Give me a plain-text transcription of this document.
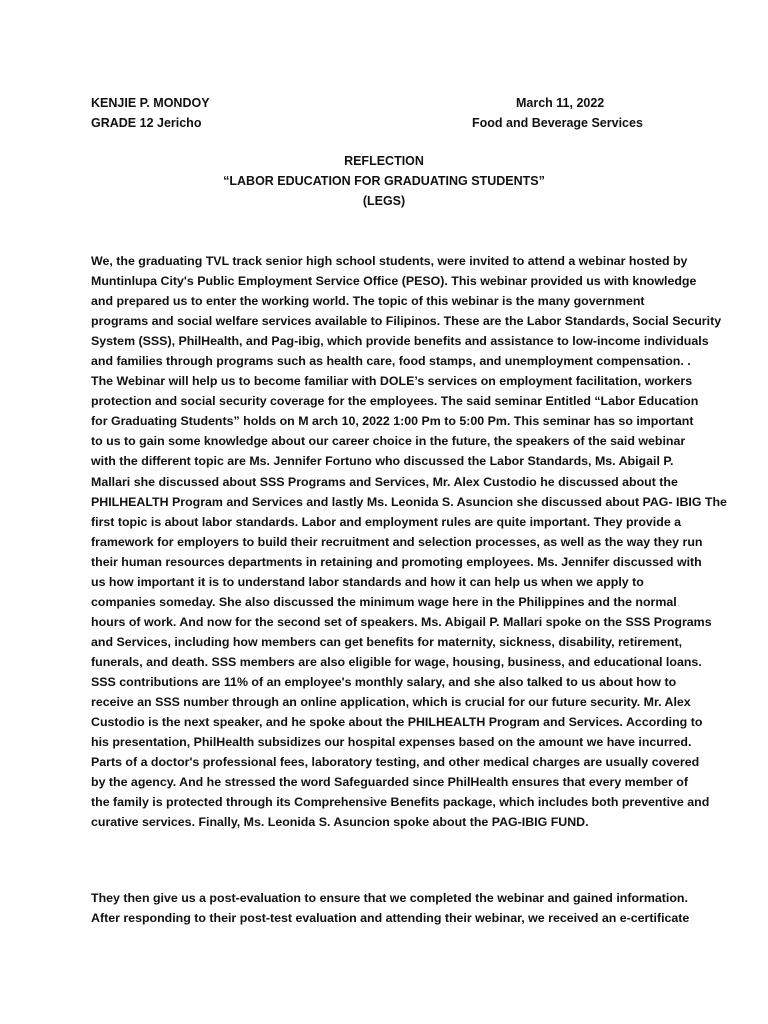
KENJIE P. MONDOY
GRADE 12 Jericho
March 11, 2022
Food and Beverage Services
REFLECTION
“LABOR EDUCATION FOR GRADUATING STUDENTS”
(LEGS)
We, the graduating TVL track senior high school students, were invited to attend a webinar hosted by
Muntinlupa City's Public Employment Service Office (PESO). This webinar provided us with knowledge
and prepared us to enter the working world. The topic of this webinar is the many government
programs and social welfare services available to Filipinos. These are the Labor Standards, Social Security
System (SSS), PhilHealth, and Pag-ibig, which provide benefits and assistance to low-income individuals
and families through programs such as health care, food stamps, and unemployment compensation. .
The Webinar will help us to become familiar with DOLE’s services on employment facilitation, workers
protection and social security coverage for the employees. The said seminar Entitled “Labor Education
for Graduating Students” holds on M arch 10, 2022 1:00 Pm to 5:00 Pm. This seminar has so important
to us to gain some knowledge about our career choice in the future, the speakers of the said webinar
with the different topic are Ms. Jennifer Fortuno who discussed the Labor Standards, Ms. Abigail P.
Mallari she discussed about SSS Programs and Services, Mr. Alex Custodio he discussed about the
PHILHEALTH Program and Services and lastly Ms. Leonida S. Asuncion she discussed about PAG- IBIG The
first topic is about labor standards. Labor and employment rules are quite important. They provide a
framework for employers to build their recruitment and selection processes, as well as the way they run
their human resources departments in retaining and promoting employees. Ms. Jennifer discussed with
us how important it is to understand labor standards and how it can help us when we apply to
companies someday. She also discussed the minimum wage here in the Philippines and the normal
hours of work. And now for the second set of speakers. Ms. Abigail P. Mallari spoke on the SSS Programs
and Services, including how members can get benefits for maternity, sickness, disability, retirement,
funerals, and death. SSS members are also eligible for wage, housing, business, and educational loans.
SSS contributions are 11% of an employee's monthly salary, and she also talked to us about how to
receive an SSS number through an online application, which is crucial for our future security. Mr. Alex
Custodio is the next speaker, and he spoke about the PHILHEALTH Program and Services. According to
his presentation, PhilHealth subsidizes our hospital expenses based on the amount we have incurred.
Parts of a doctor's professional fees, laboratory testing, and other medical charges are usually covered
by the agency. And he stressed the word Safeguarded since PhilHealth ensures that every member of
the family is protected through its Comprehensive Benefits package, which includes both preventive and
curative services. Finally, Ms. Leonida S. Asuncion spoke about the PAG-IBIG FUND.
They then give us a post-evaluation to ensure that we completed the webinar and gained information.
After responding to their post-test evaluation and attending their webinar, we received an e-certificate
